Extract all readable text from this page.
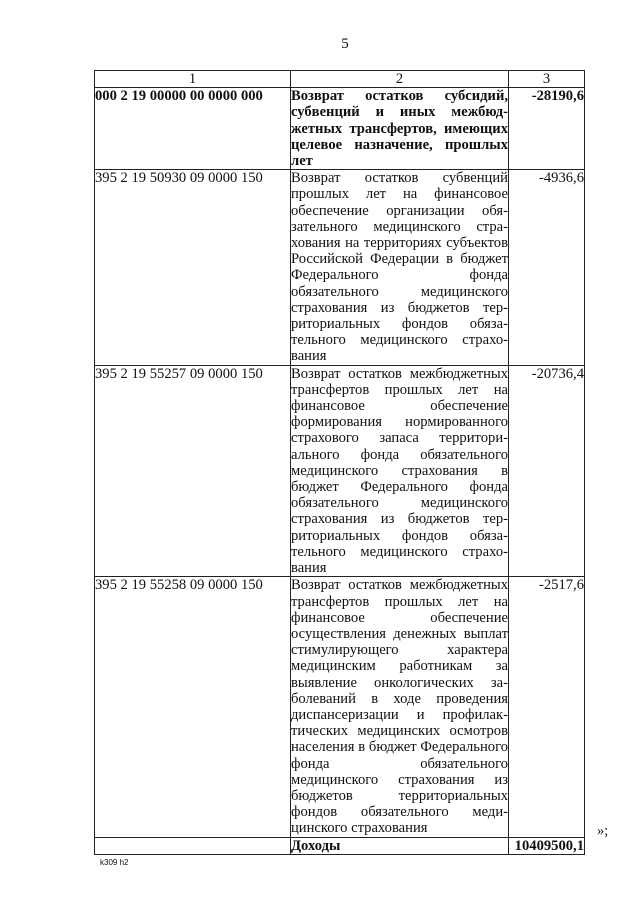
5
1	2	3
000 2 19 00000 00 0000 000	Возврат остатков субсидий, субвенций и иных межбюджетных трансфертов, имеющих целевое назначение, прошлых лет	-28190,6
395 2 19 50930 09 0000 150	Возврат остатков субвенций прошлых лет на финансовое обеспечение организации обязательного медицинского страхования на территориях субъектов Российской Федерации в бюджет Федерального фонда обязательного медицинского страхования из бюджетов территориальных фондов обязательного медицинского страхования	-4936,6
395 2 19 55257 09 0000 150	Возврат остатков межбюджетных трансфертов прошлых лет на финансовое обеспечение формирования нормированного страхового запаса территориального фонда обязательного медицинского страхования в бюджет Федерального фонда обязательного медицинского страхования из бюджетов территориальных фондов обязательного медицинского страхования	-20736,4
395 2 19 55258 09 0000 150	Возврат остатков межбюджетных трансфертов прошлых лет на финансовое обеспечение осуществления денежных выплат стимулирующего характера медицинским работникам за выявление онкологических заболеваний в ходе проведения диспансеризации и профилактических медицинских осмотров населения в бюджет Федерального фонда обязательного медицинского страхования из бюджетов территориальных фондов обязательного медицинского страхования	-2517,6
	Доходы	10409500,1
»;
k309 h2
